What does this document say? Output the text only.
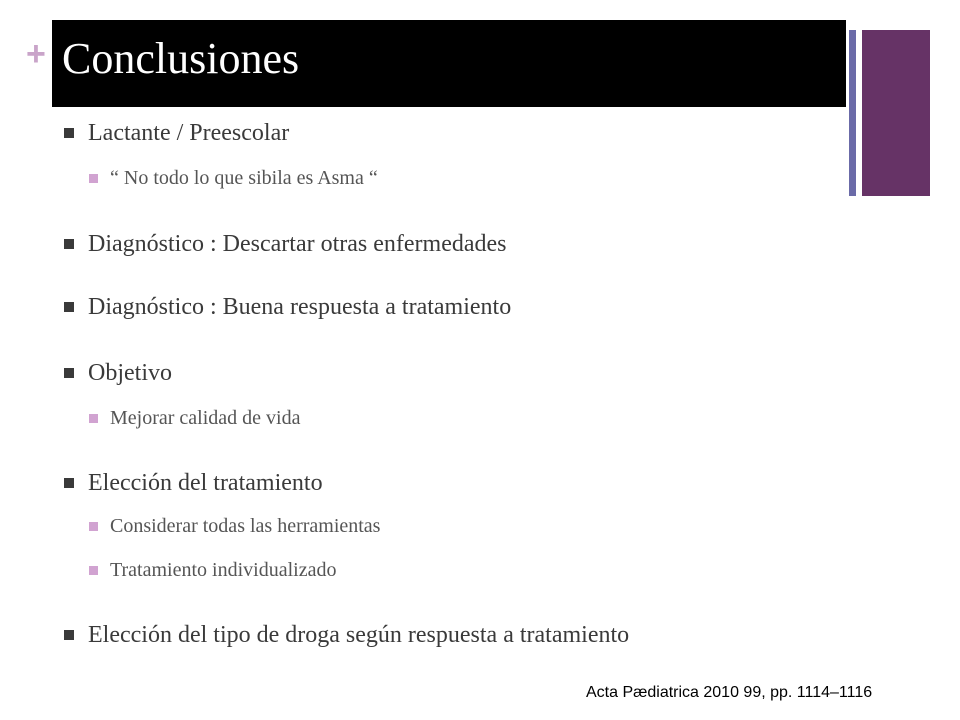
+ Conclusiones
Lactante / Preescolar
“ No todo lo que sibila es Asma “
Diagnóstico : Descartar otras enfermedades
Diagnóstico : Buena respuesta a tratamiento
Objetivo
Mejorar calidad de vida
Elección del tratamiento
Considerar todas las herramientas
Tratamiento individualizado
Elección del tipo de droga según respuesta a tratamiento
Acta Pædiatrica 2010 99, pp. 1114–1116
